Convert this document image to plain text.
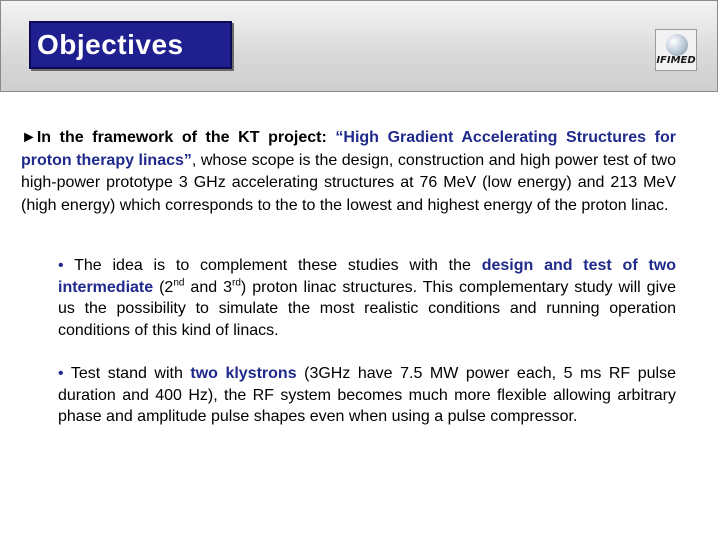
Objectives
IFIMED
►In the framework of the KT project: “High Gradient Accelerating Structures for proton therapy linacs”, whose scope is the design, construction and high power test of two high-power prototype 3 GHz accelerating structures at 76 MeV (low energy) and 213 MeV (high energy) which corresponds to the to the lowest and highest energy of the proton linac.
• The idea is to complement these studies with the design and test of two intermediate (2nd and 3rd) proton linac structures. This complementary study will give us the possibility to simulate the most realistic conditions and running operation conditions of this kind of linacs.
• Test stand with two klystrons (3GHz have 7.5 MW power each, 5 ms RF pulse duration and 400 Hz), the RF system becomes much more flexible allowing arbitrary phase and amplitude pulse shapes even when using a pulse compressor.
